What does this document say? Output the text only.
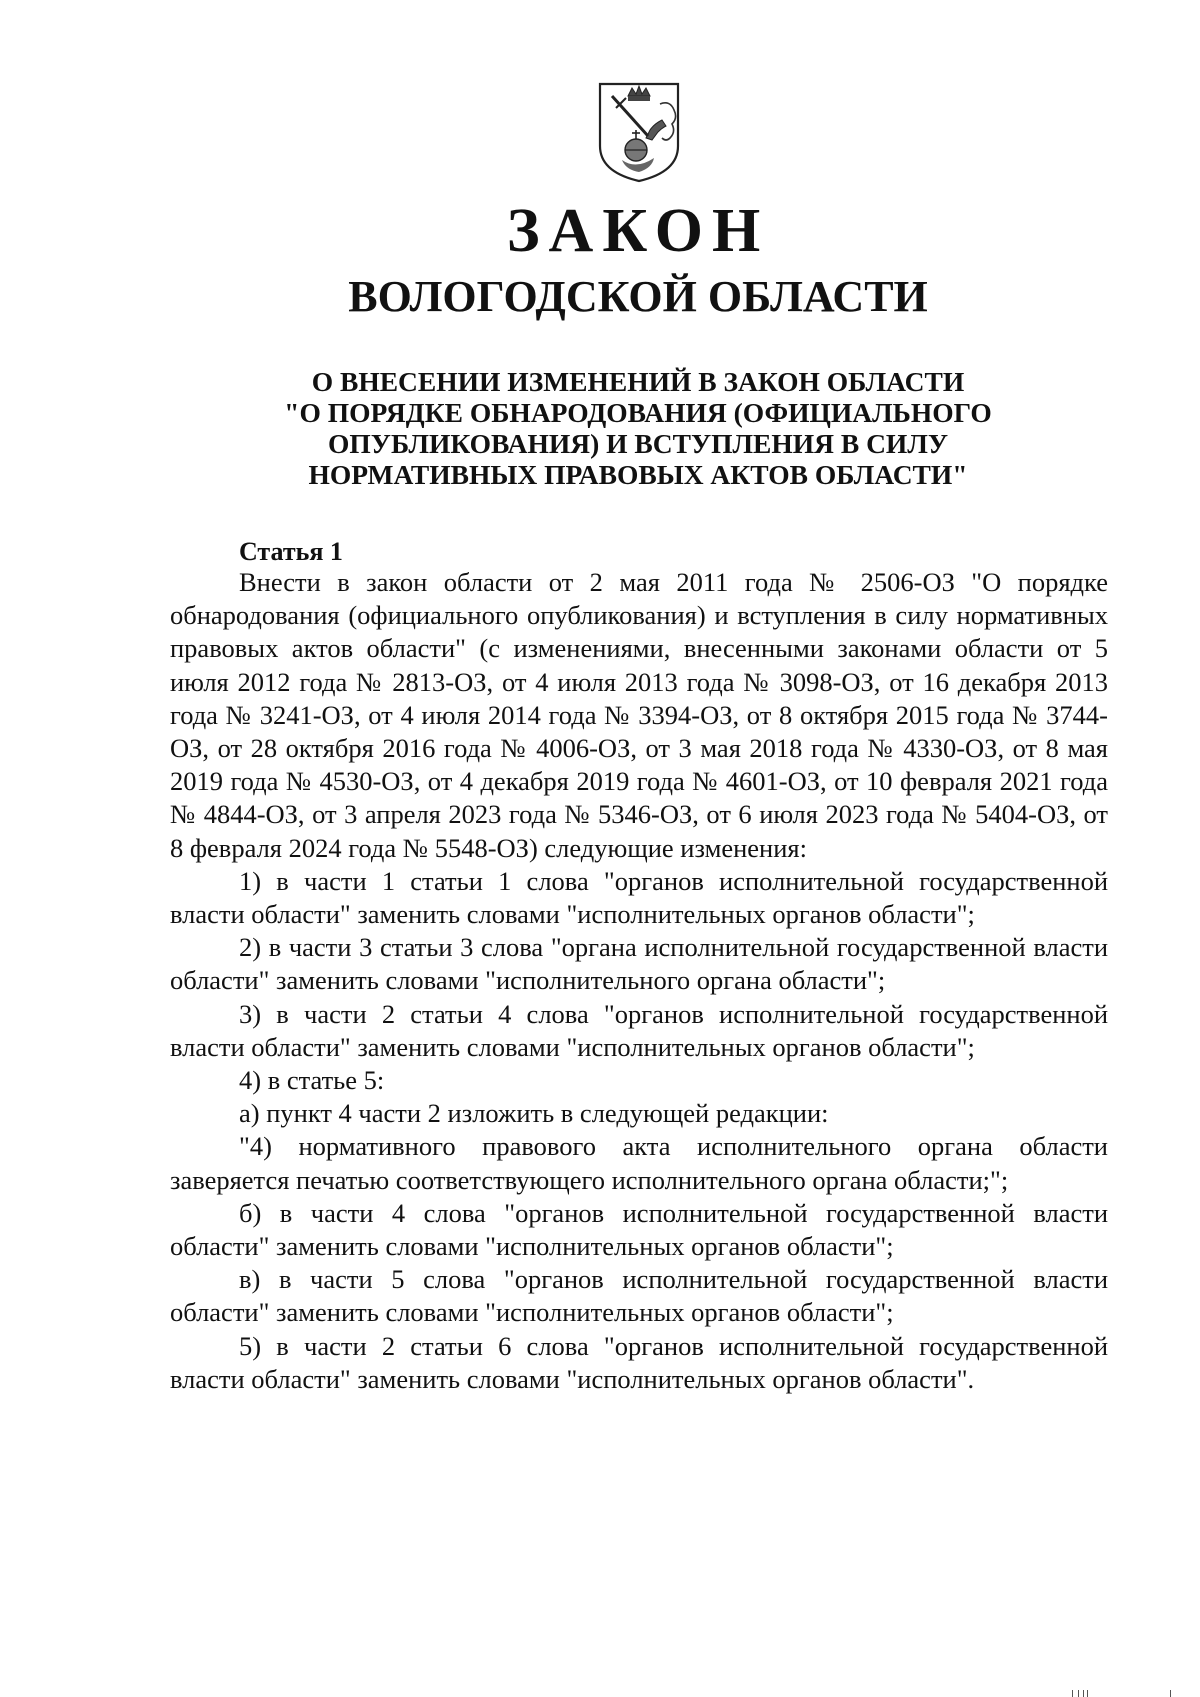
ЗАКОН
ВОЛОГОДСКОЙ ОБЛАСТИ
О ВНЕСЕНИИ ИЗМЕНЕНИЙ В ЗАКОН ОБЛАСТИ
"О ПОРЯДКЕ ОБНАРОДОВАНИЯ (ОФИЦИАЛЬНОГО
ОПУБЛИКОВАНИЯ) И ВСТУПЛЕНИЯ В СИЛУ
НОРМАТИВНЫХ ПРАВОВЫХ АКТОВ ОБЛАСТИ"
Статья 1

Внести в закон области от 2 мая 2011 года № 2506-ОЗ "О порядке обнародования (официального опубликования) и вступления в силу нормативных правовых актов области" (с изменениями, внесенными законами области от 5 июля 2012 года № 2813-ОЗ, от 4 июля 2013 года № 3098-ОЗ, от 16 декабря 2013 года № 3241-ОЗ, от 4 июля 2014 года № 3394-ОЗ, от 8 октября 2015 года № 3744-ОЗ, от 28 октября 2016 года № 4006-ОЗ, от 3 мая 2018 года № 4330-ОЗ, от 8 мая 2019 года № 4530-ОЗ, от 4 декабря 2019 года № 4601-ОЗ, от 10 февраля 2021 года № 4844-ОЗ, от 3 апреля 2023 года № 5346-ОЗ, от 6 июля 2023 года № 5404-ОЗ, от 8 февраля 2024 года № 5548-ОЗ) следующие изменения:

1) в части 1 статьи 1 слова "органов исполнительной государственной власти области" заменить словами "исполнительных органов области";

2) в части 3 статьи 3 слова "органа исполнительной государственной власти области" заменить словами "исполнительного органа области";

3) в части 2 статьи 4 слова "органов исполнительной государственной власти области" заменить словами "исполнительных органов области";

4) в статье 5:

а) пункт 4 части 2 изложить в следующей редакции:

"4) нормативного правового акта исполнительного органа области заверяется печатью соответствующего исполнительного органа области;";

б) в части 4 слова "органов исполнительной государственной власти области" заменить словами "исполнительных органов области";

в) в части 5 слова "органов исполнительной государственной власти области" заменить словами "исполнительных органов области";

5) в части 2 статьи 6 слова "органов исполнительной государственной власти области" заменить словами "исполнительных органов области".
